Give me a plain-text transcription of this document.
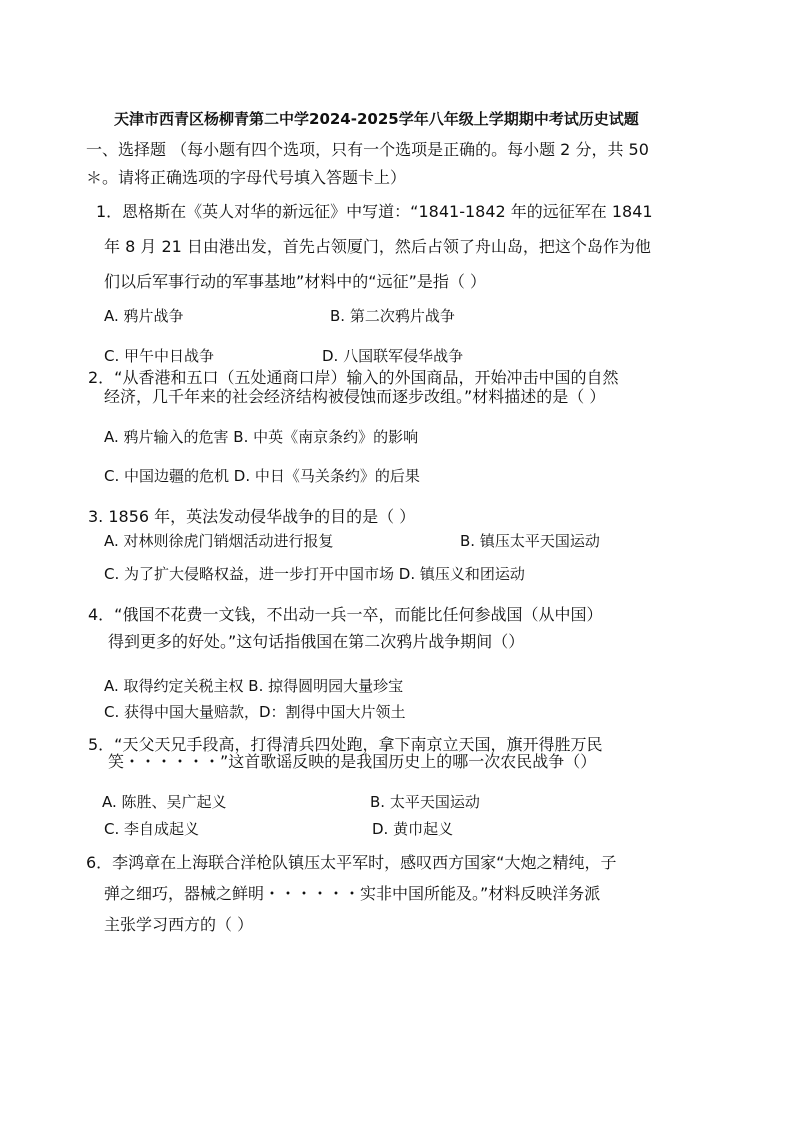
天津市西青区杨柳青第二中学2024-2025学年八年级上学期期中考试历史试题
一、选择题 （每小题有四个选项，只有一个选项是正确的。每小题 2 分，共 50
＊。请将正确选项的字母代号填入答题卡上）
1．恩格斯在《英人对华的新远征》中写道：“1841-1842 年的远征军在 1841
年 8 月 21 日由港出发，首先占领厦门，然后占领了舟山岛，把这个岛作为他
们以后军事行动的军事基地”材料中的“远征”是指（ ）
A. 鸦片战争	B. 第二次鸦片战争
C. 甲午中日战争	D. 八国联军侵华战争
2．“从香港和五口（五处通商口岸）输入的外国商品，开始冲击中国的自然
经济，几千年来的社会经济结构被侵蚀而逐步改组。”材料描述的是（ ）
A. 鸦片输入的危害 B. 中英《南京条约》的影响
C. 中国边疆的危机 D. 中日《马关条约》的后果
3. 1856 年，英法发动侵华战争的目的是（ ）
A. 对林则徐虎门销烟活动进行报复	B. 镇压太平天国运动
C. 为了扩大侵略权益，进一步打开中国市场 D. 镇压义和团运动
4．“俄国不花费一文钱，不出动一兵一卒，而能比任何参战国（从中国）
得到更多的好处。”这句话指俄国在第二次鸦片战争期间（）
A. 取得约定关税主权 B. 掠得圆明园大量珍宝
C. 获得中国大量赔款，D：割得中国大片领土
5．“天父天兄手段高，打得清兵四处跑，拿下南京立天国，旗开得胜万民
笑・・・・・・”这首歌谣反映的是我国历史上的哪一次农民战争（）
A. 陈胜、吴广起义	B. 太平天国运动
C. 李自成起义	D. 黄巾起义
6．李鸿章在上海联合洋枪队镇压太平军时，感叹西方国家“大炮之精纯，子
弹之细巧，器械之鲜明・・・・・・实非中国所能及。”材料反映洋务派
主张学习西方的（ ）
